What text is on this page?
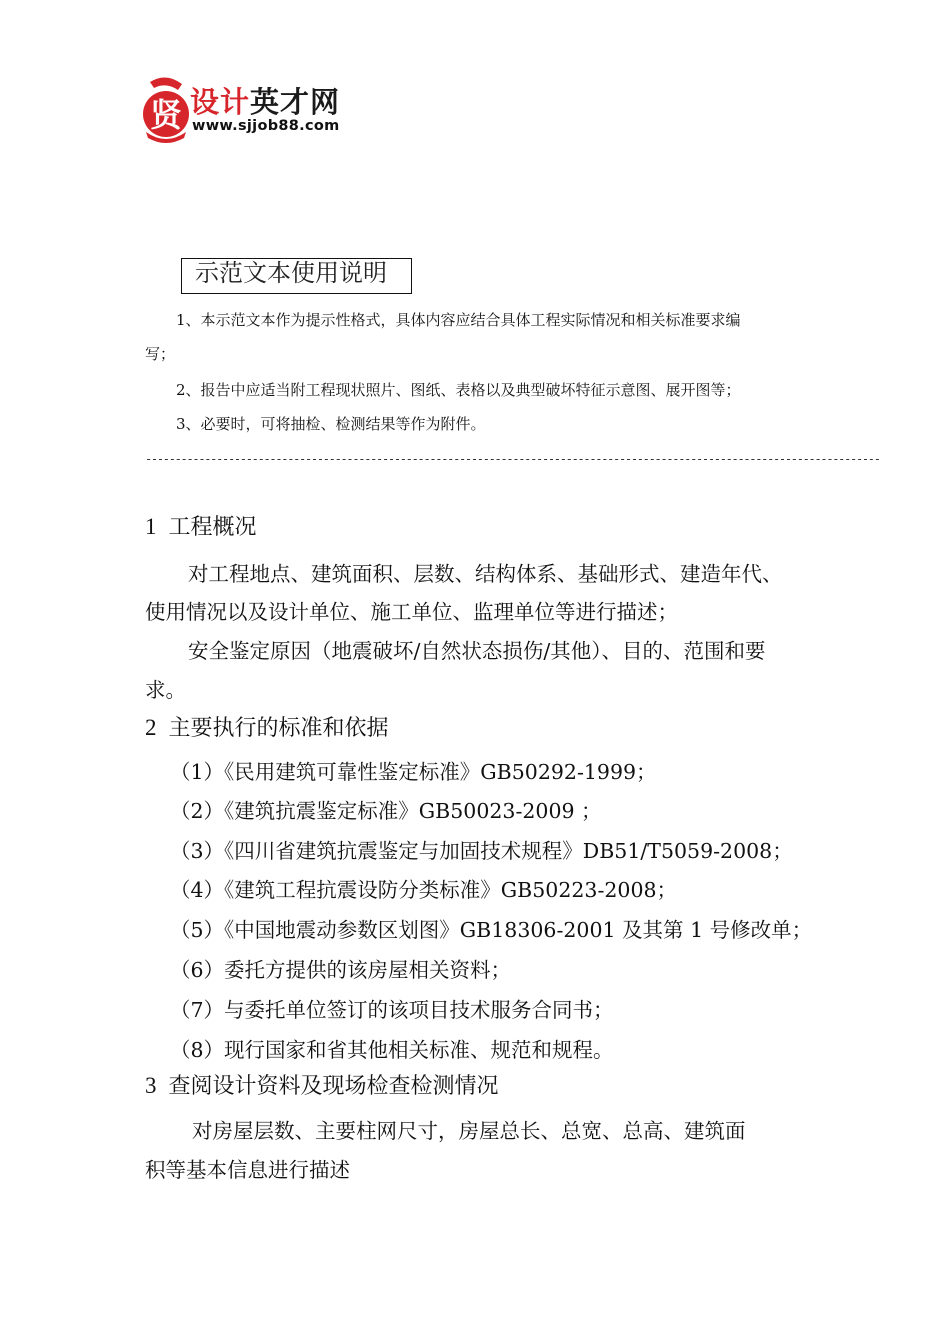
贤 设计英才网
www.sjjob88.com
示范文本使用说明
1、本示范文本作为提示性格式，具体内容应结合具体工程实际情况和相关标准要求编
写；
2、报告中应适当附工程现状照片、图纸、表格以及典型破坏特征示意图、展开图等；
3、必要时，可将抽检、检测结果等作为附件。
----------------------------------------------------------------------------------------------------------------------------
1 工程概况
对工程地点、建筑面积、层数、结构体系、基础形式、建造年代、
使用情况以及设计单位、施工单位、监理单位等进行描述；
安全鉴定原因（地震破坏/自然状态损伤/其他）、目的、范围和要
求。
2 主要执行的标准和依据
（1）《民用建筑可靠性鉴定标准》GB50292-1999；
（2）《建筑抗震鉴定标准》GB50023-2009 ；
（3）《四川省建筑抗震鉴定与加固技术规程》DB51/T5059-2008；
（4）《建筑工程抗震设防分类标准》GB50223-2008；
（5）《中国地震动参数区划图》GB18306-2001 及其第 1 号修改单；
（6）委托方提供的该房屋相关资料；
（7）与委托单位签订的该项目技术服务合同书；
（8）现行国家和省其他相关标准、规范和规程。
3 查阅设计资料及现场检查检测情况
对房屋层数、主要柱网尺寸，房屋总长、总宽、总高、建筑面
积等基本信息进行描述
